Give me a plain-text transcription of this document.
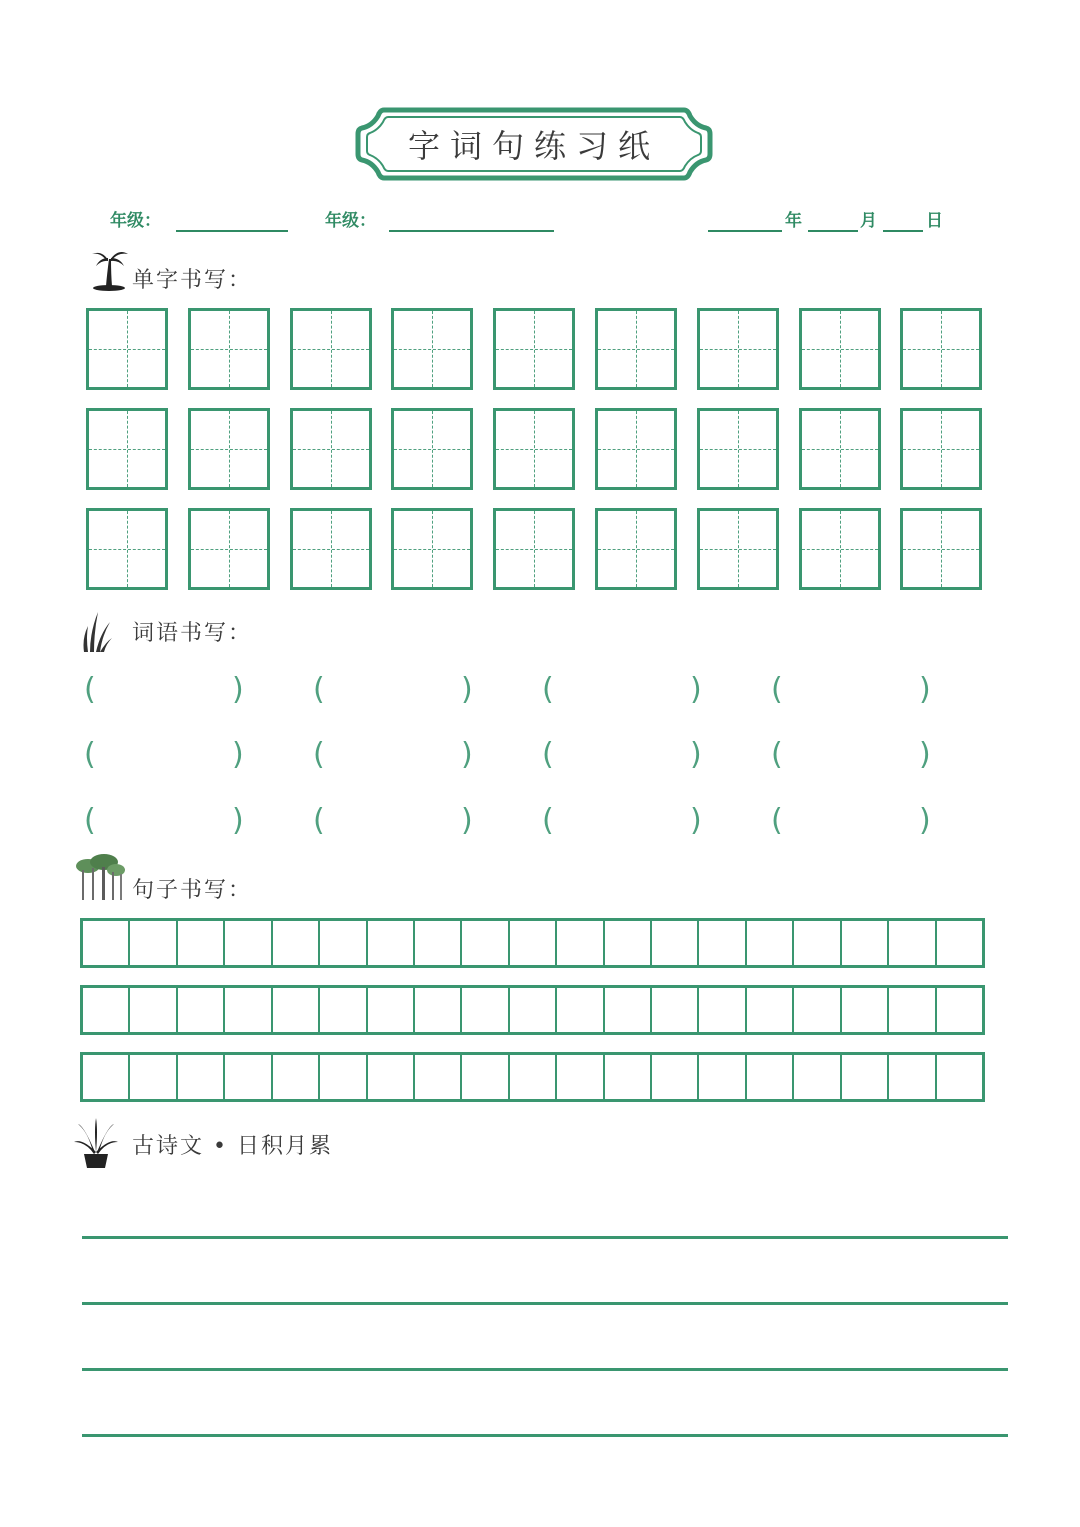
字词句练习纸
年级：	年级：	年	月	日
单字书写：
词语书写：
(	) (	) (	) (	)
(	) (	) (	) (	)
(	) (	) (	) (	)
句子书写：
古诗文 • 日积月累
